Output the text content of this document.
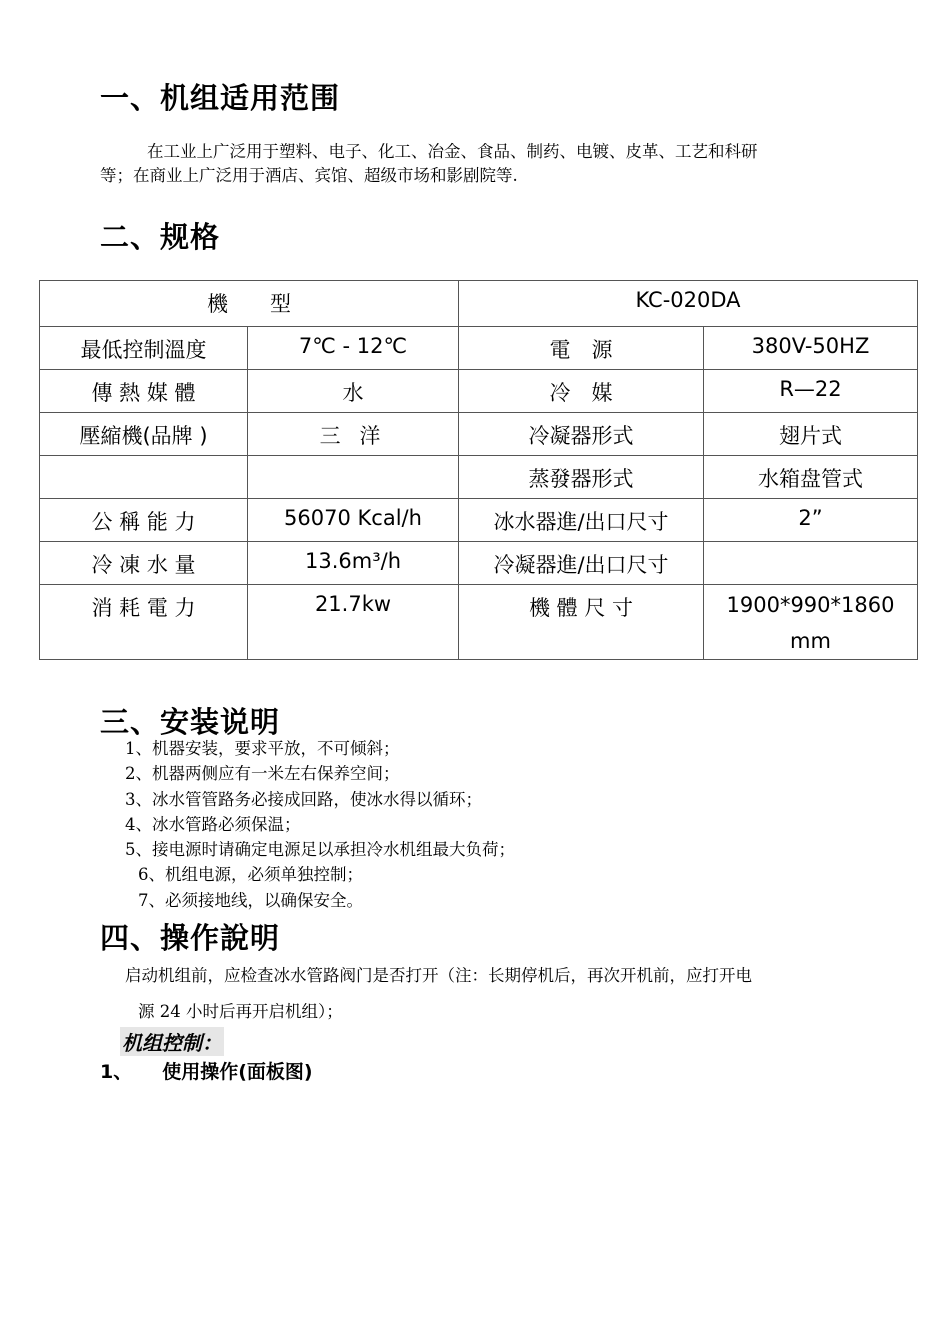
一、机组适用范围

在工业上广泛用于塑料、电子、化工、冶金、食品、制药、电镀、皮革、工艺和科研

等；在商业上广泛用于酒店、宾馆、超级市场和影剧院等.

二、规格
機　　型		KC-020DA	
最低控制溫度	7℃ - 12℃	電　源	380V-50HZ
傳 熱 媒 體	水	冷　媒	R—22
壓縮機(品牌 )	三 洋	冷凝器形式	翅片式
		蒸發器形式	水箱盘管式
公 稱 能 力	56070 Kcal/h	冰水器進/出口尺寸	2”
冷 凍 水 量	13.6m³/h	冷凝器進/出口尺寸	
消 耗 電 力	21.7kw	機 體 尺 寸	1900*990*1860 mm
三、安装说明
1、机器安装，要求平放，不可倾斜；
2、机器两侧应有一米左右保养空间；
3、冰水管管路务必接成回路，使冰水得以循环；
4、冰水管路必须保温；
5、接电源时请确定电源足以承担冷水机组最大负荷；
6、机组电源，必须单独控制；
7、必须接地线，以确保安全。
四、操作說明

启动机组前，应检查冰水管路阀门是否打开（注：长期停机后，再次开机前，应打开电

源 24 小时后再开启机组）；

机组控制：
1、 使用操作(面板图)
